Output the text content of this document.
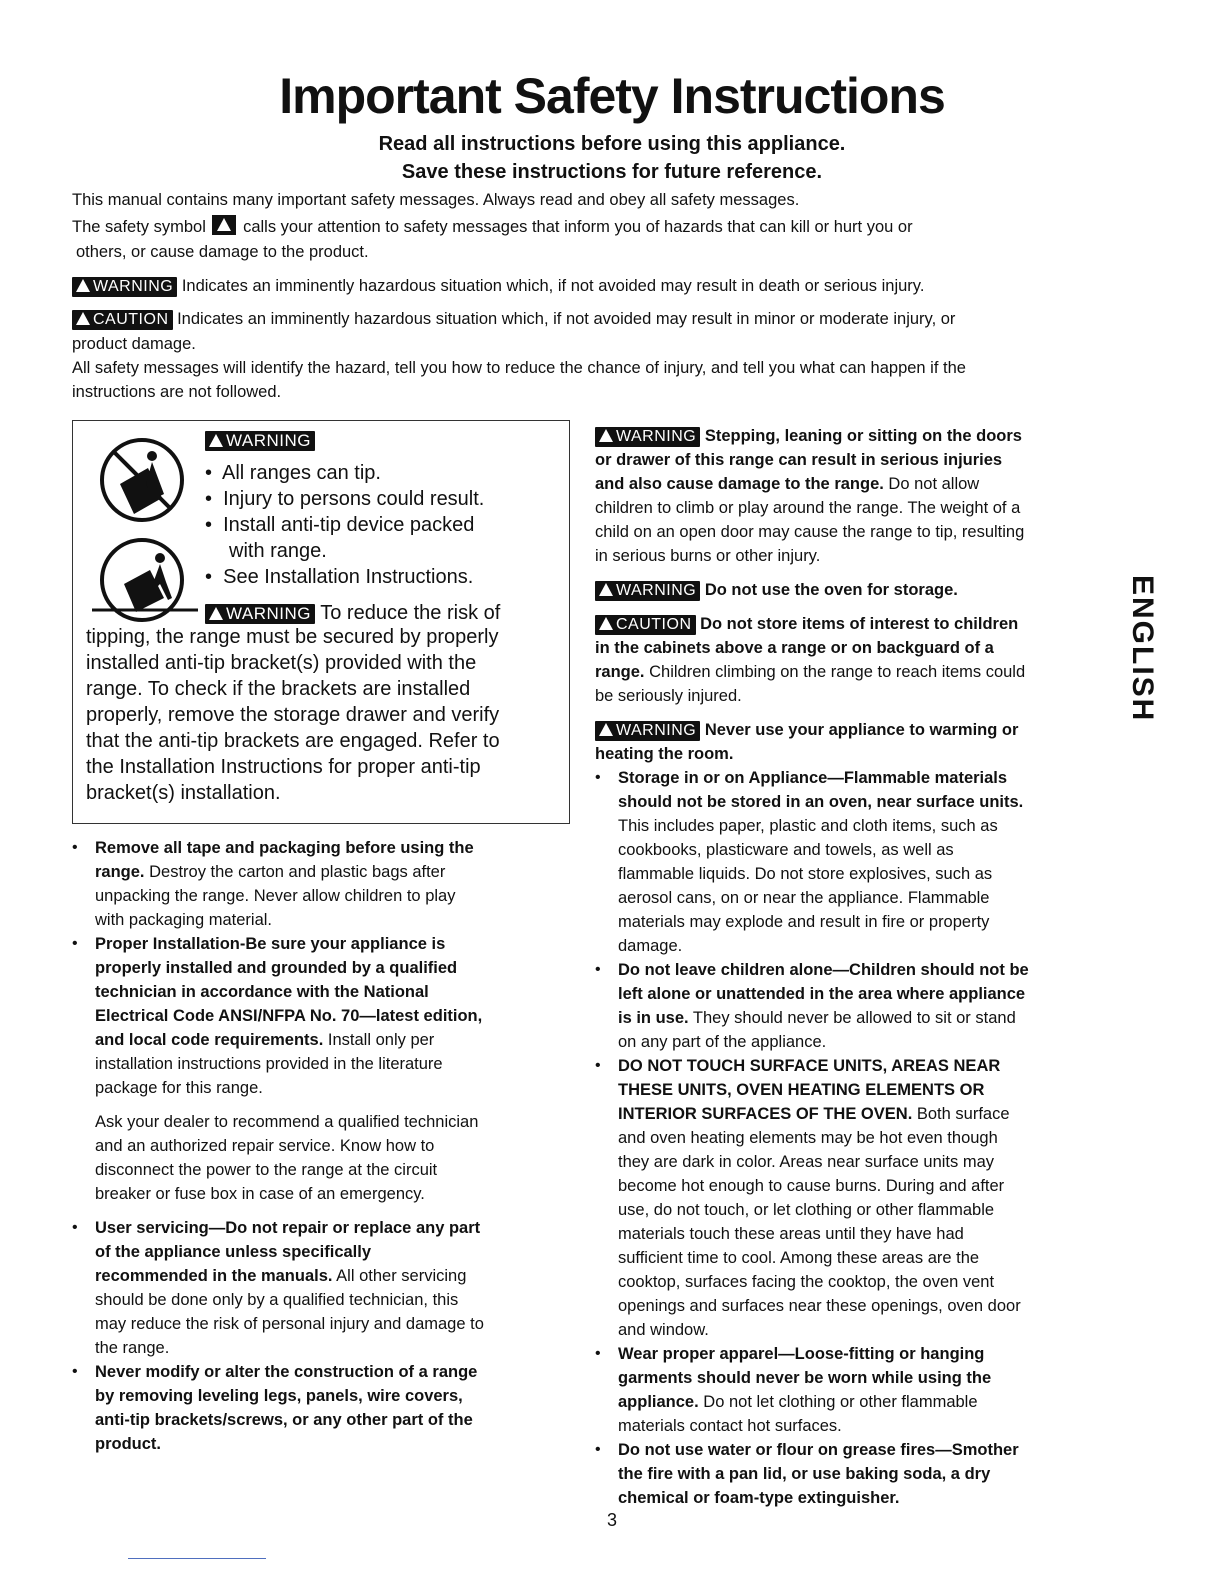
Important Safety Instructions
Read all instructions before using this appliance.
Save these instructions for future reference.
This manual contains many important safety messages. Always read and obey all safety messages.
The safety symbol calls your attention to safety messages that inform you of hazards that can kill or hurt you or
others, or cause damage to the product.
WARNING Indicates an imminently hazardous situation which, if not avoided may result in death or serious injury.
CAUTION Indicates an imminently hazardous situation which, if not avoided may result in minor or moderate injury, or
product damage.
All safety messages will identify the hazard, tell you how to reduce the chance of injury, and tell you what can happen if the
instructions are not followed.
WARNING
•  All ranges can tip.
•  Injury to persons could result.
•  Install anti-tip device packed
with range.
•  See Installation Instructions.
WARNING To reduce the risk of
tipping, the range must be secured by properly
installed anti-tip bracket(s) provided with the
range. To check if the brackets are installed
properly, remove the storage drawer and verify
that the anti-tip brackets are engaged. Refer to
the Installation Instructions for proper anti-tip
bracket(s) installation.
• Remove all tape and packaging before using the
range. Destroy the carton and plastic bags after
unpacking the range. Never allow children to play
with packaging material.
• Proper Installation-Be sure your appliance is
properly installed and grounded by a qualified
technician in accordance with the National
Electrical Code ANSI/NFPA No. 70—latest edition,
and local code requirements. Install only per
installation instructions provided in the literature
package for this range.
Ask your dealer to recommend a qualified technician
and an authorized repair service. Know how to
disconnect the power to the range at the circuit
breaker or fuse box in case of an emergency.
• User servicing—Do not repair or replace any part
of the appliance unless specifically
recommended in the manuals. All other servicing
should be done only by a qualified technician, this
may reduce the risk of personal injury and damage to
the range.
• Never modify or alter the construction of a range
by removing leveling legs, panels, wire covers,
anti-tip brackets/screws, or any other part of the
product.
WARNING Stepping, leaning or sitting on the doors
or drawer of this range can result in serious injuries
and also cause damage to the range. Do not allow
children to climb or play around the range. The weight of a
child on an open door may cause the range to tip, resulting
in serious burns or other injury.
WARNING Do not use the oven for storage.
CAUTION Do not store items of interest to children
in the cabinets above a range or on backguard of a
range. Children climbing on the range to reach items could
be seriously injured.
WARNING Never use your appliance to warming or
heating the room.
• Storage in or on Appliance—Flammable materials
should not be stored in an oven, near surface units.
This includes paper, plastic and cloth items, such as
cookbooks, plasticware and towels, as well as
flammable liquids. Do not store explosives, such as
aerosol cans, on or near the appliance. Flammable
materials may explode and result in fire or property
damage.
• Do not leave children alone—Children should not be
left alone or unattended in the area where appliance
is in use. They should never be allowed to sit or stand
on any part of the appliance.
• DO NOT TOUCH SURFACE UNITS, AREAS NEAR
THESE UNITS, OVEN HEATING ELEMENTS OR
INTERIOR SURFACES OF THE OVEN. Both surface
and oven heating elements may be hot even though
they are dark in color. Areas near surface units may
become hot enough to cause burns. During and after
use, do not touch, or let clothing or other flammable
materials touch these areas until they have had
sufficient time to cool. Among these areas are the
cooktop, surfaces facing the cooktop, the oven vent
openings and surfaces near these openings, oven door
and window.
• Wear proper apparel—Loose-fitting or hanging
garments should never be worn while using the
appliance. Do not let clothing or other flammable
materials contact hot surfaces.
• Do not use water or flour on grease fires—Smother
the fire with a pan lid, or use baking soda, a dry
chemical or foam-type extinguisher.
ENGLISH
3
